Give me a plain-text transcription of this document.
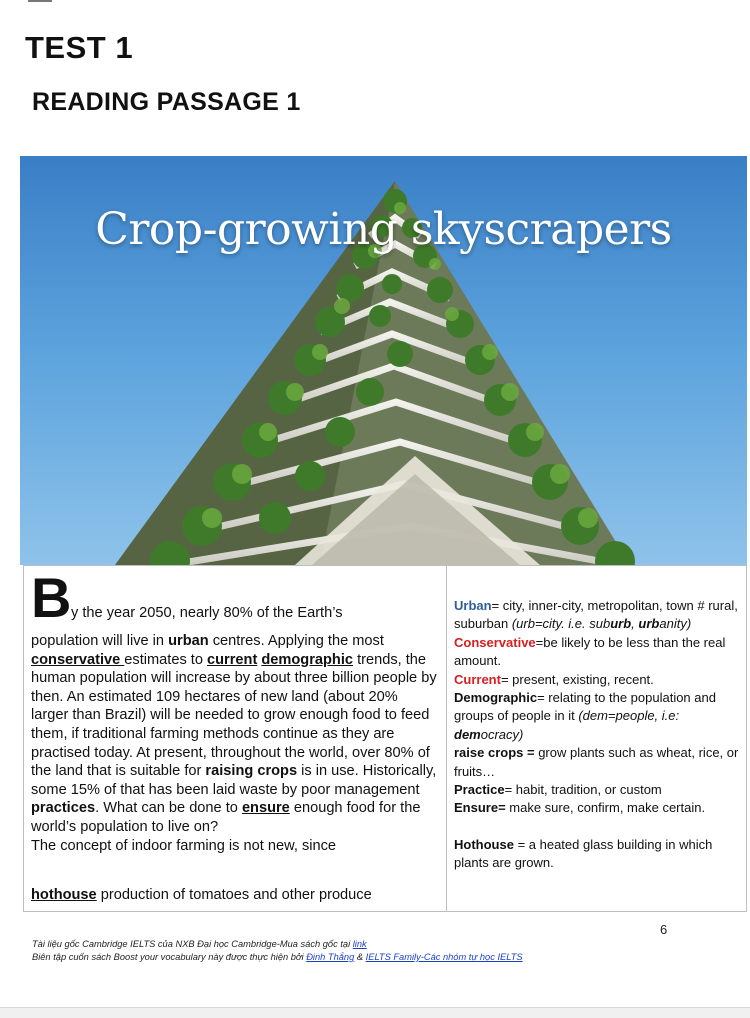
TEST 1
READING PASSAGE 1
Crop-growing skyscrapers
B y the year 2050, nearly 80% of the Earth’s

population will live in urban centres. Applying the most conservative estimates to current demographic trends, the human population will increase by about three billion people by then. An estimated 109 hectares of new land (about 20% larger than Brazil) will be needed to grow enough food to feed them, if traditional farming methods continue as they are practised today. At present, throughout the world, over 80% of the land that is suitable for raising crops is in use. Historically, some 15% of that has been laid waste by poor management practices. What can be done to ensure enough food for the world’s population to live on?

The concept of indoor farming is not new, since

hothouse production of tomatoes and other produce

Urban= city, inner-city, metropolitan, town # rural, suburban (urb=city. i.e. suburb, urbanity)

Conservative=be likely to be less than the real amount.

Current= present, existing, recent.

Demographic= relating to the population and groups of people in it (dem=people, i.e: democracy)

raise crops = grow plants such as wheat, rice, or fruits…

Practice= habit, tradition, or custom

Ensure= make sure, confirm, make certain.

Hothouse = a heated glass building in which plants are grown.

6
Tài liệu gốc Cambridge IELTS của NXB Đại học Cambridge-Mua sách gốc tại link
Biên tập cuốn sách Boost your vocabulary này được thực hiện bởi Đinh Thắng & IELTS Family-Các nhóm tự học IELTS
